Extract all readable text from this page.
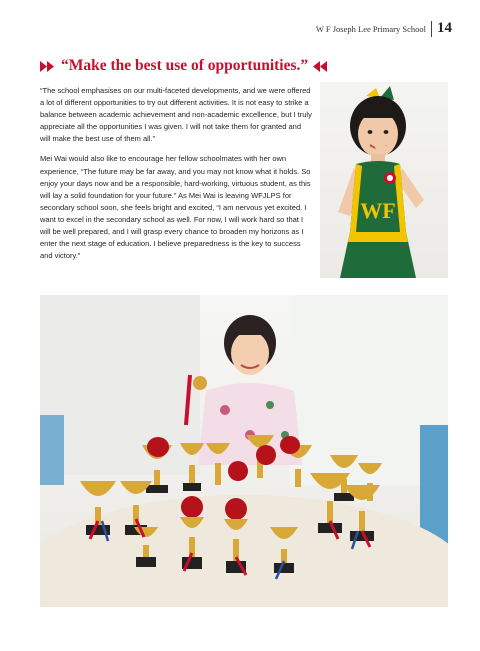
W F Joseph Lee Primary School 14
“Make the best use of opportunities.”

“The school emphasises on our multi-faceted developments, and we were offered a lot of different opportunities to try out different activities. It is not easy to strike a balance between academic achievement and non-academic excellence, but I truly appreciate all the opportunities I was given. I will not take them for granted and will make the best use of them all.”

Mei Wai would also like to encourage her fellow schoolmates with her own experience, “The future may be far away, and you may not know what it holds. So enjoy your days now and be a responsible, hard-working, virtuous student, as this will lay a solid foundation for your future.” As Mei Wai is leaving WFJLPS for secondary school soon, she feels bright and excited, “I am nervous yet excited. I want to excel in the secondary school as well. For now, I will work hard so that I will be well prepared, and I will grasp every chance to broaden my horizons as I enter the next stage of education. I believe preparedness is the key to success and victory.”

WF
